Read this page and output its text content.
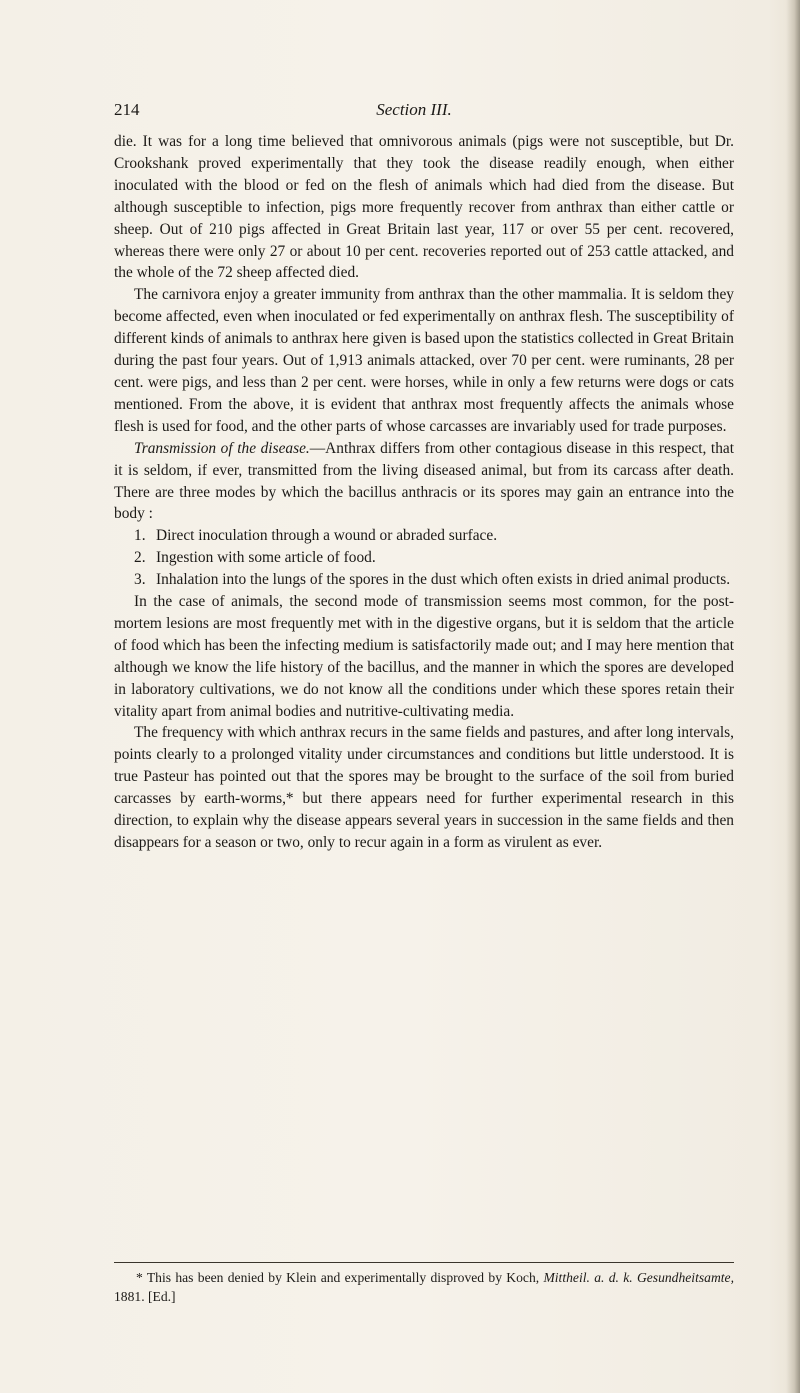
214	Section III.

die. It was for a long time believed that omnivorous animals (pigs were not susceptible, but Dr. Crookshank proved experimentally that they took the disease readily enough, when either inoculated with the blood or fed on the flesh of animals which had died from the disease. But although susceptible to infection, pigs more frequently recover from anthrax than either cattle or sheep. Out of 210 pigs affected in Great Britain last year, 117 or over 55 per cent. recovered, whereas there were only 27 or about 10 per cent. recoveries reported out of 253 cattle attacked, and the whole of the 72 sheep affected died.

The carnivora enjoy a greater immunity from anthrax than the other mammalia. It is seldom they become affected, even when inoculated or fed experimentally on anthrax flesh. The susceptibility of different kinds of animals to anthrax here given is based upon the statistics collected in Great Britain during the past four years. Out of 1,913 animals attacked, over 70 per cent. were ruminants, 28 per cent. were pigs, and less than 2 per cent. were horses, while in only a few returns were dogs or cats mentioned. From the above, it is evident that anthrax most frequently affects the animals whose flesh is used for food, and the other parts of whose carcasses are invariably used for trade purposes.

Transmission of the disease.—Anthrax differs from other contagious disease in this respect, that it is seldom, if ever, transmitted from the living diseased animal, but from its carcass after death. There are three modes by which the bacillus anthracis or its spores may gain an entrance into the body :

1. Direct inoculation through a wound or abraded surface.

2. Ingestion with some article of food.

3. Inhalation into the lungs of the spores in the dust which often exists in dried animal products.

In the case of animals, the second mode of transmission seems most common, for the post-mortem lesions are most frequently met with in the digestive organs, but it is seldom that the article of food which has been the infecting medium is satisfactorily made out; and I may here mention that although we know the life history of the bacillus, and the manner in which the spores are developed in laboratory cultivations, we do not know all the conditions under which these spores retain their vitality apart from animal bodies and nutritive-cultivating media.

The frequency with which anthrax recurs in the same fields and pastures, and after long intervals, points clearly to a prolonged vitality under circumstances and conditions but little understood. It is true Pasteur has pointed out that the spores may be brought to the surface of the soil from buried carcasses by earth-worms,* but there appears need for further experimental research in this direction, to explain why the disease appears several years in succession in the same fields and then disappears for a season or two, only to recur again in a form as virulent as ever.

* This has been denied by Klein and experimentally disproved by Koch, Mittheil. a. d. k. Gesundheitsamte, 1881. [Ed.]
